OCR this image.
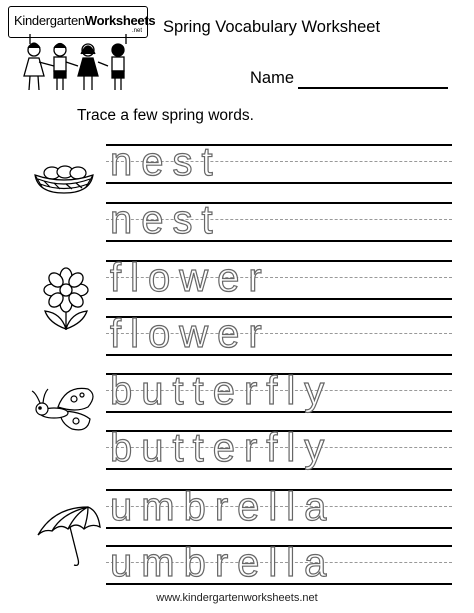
KindergartenWorksheets
.net Spring Vocabulary Worksheet
Name
Trace a few spring words.
nest
nest
flower
flower
butterfly
butterfly
umbrella
umbrella
www.kindergartenworksheets.net
